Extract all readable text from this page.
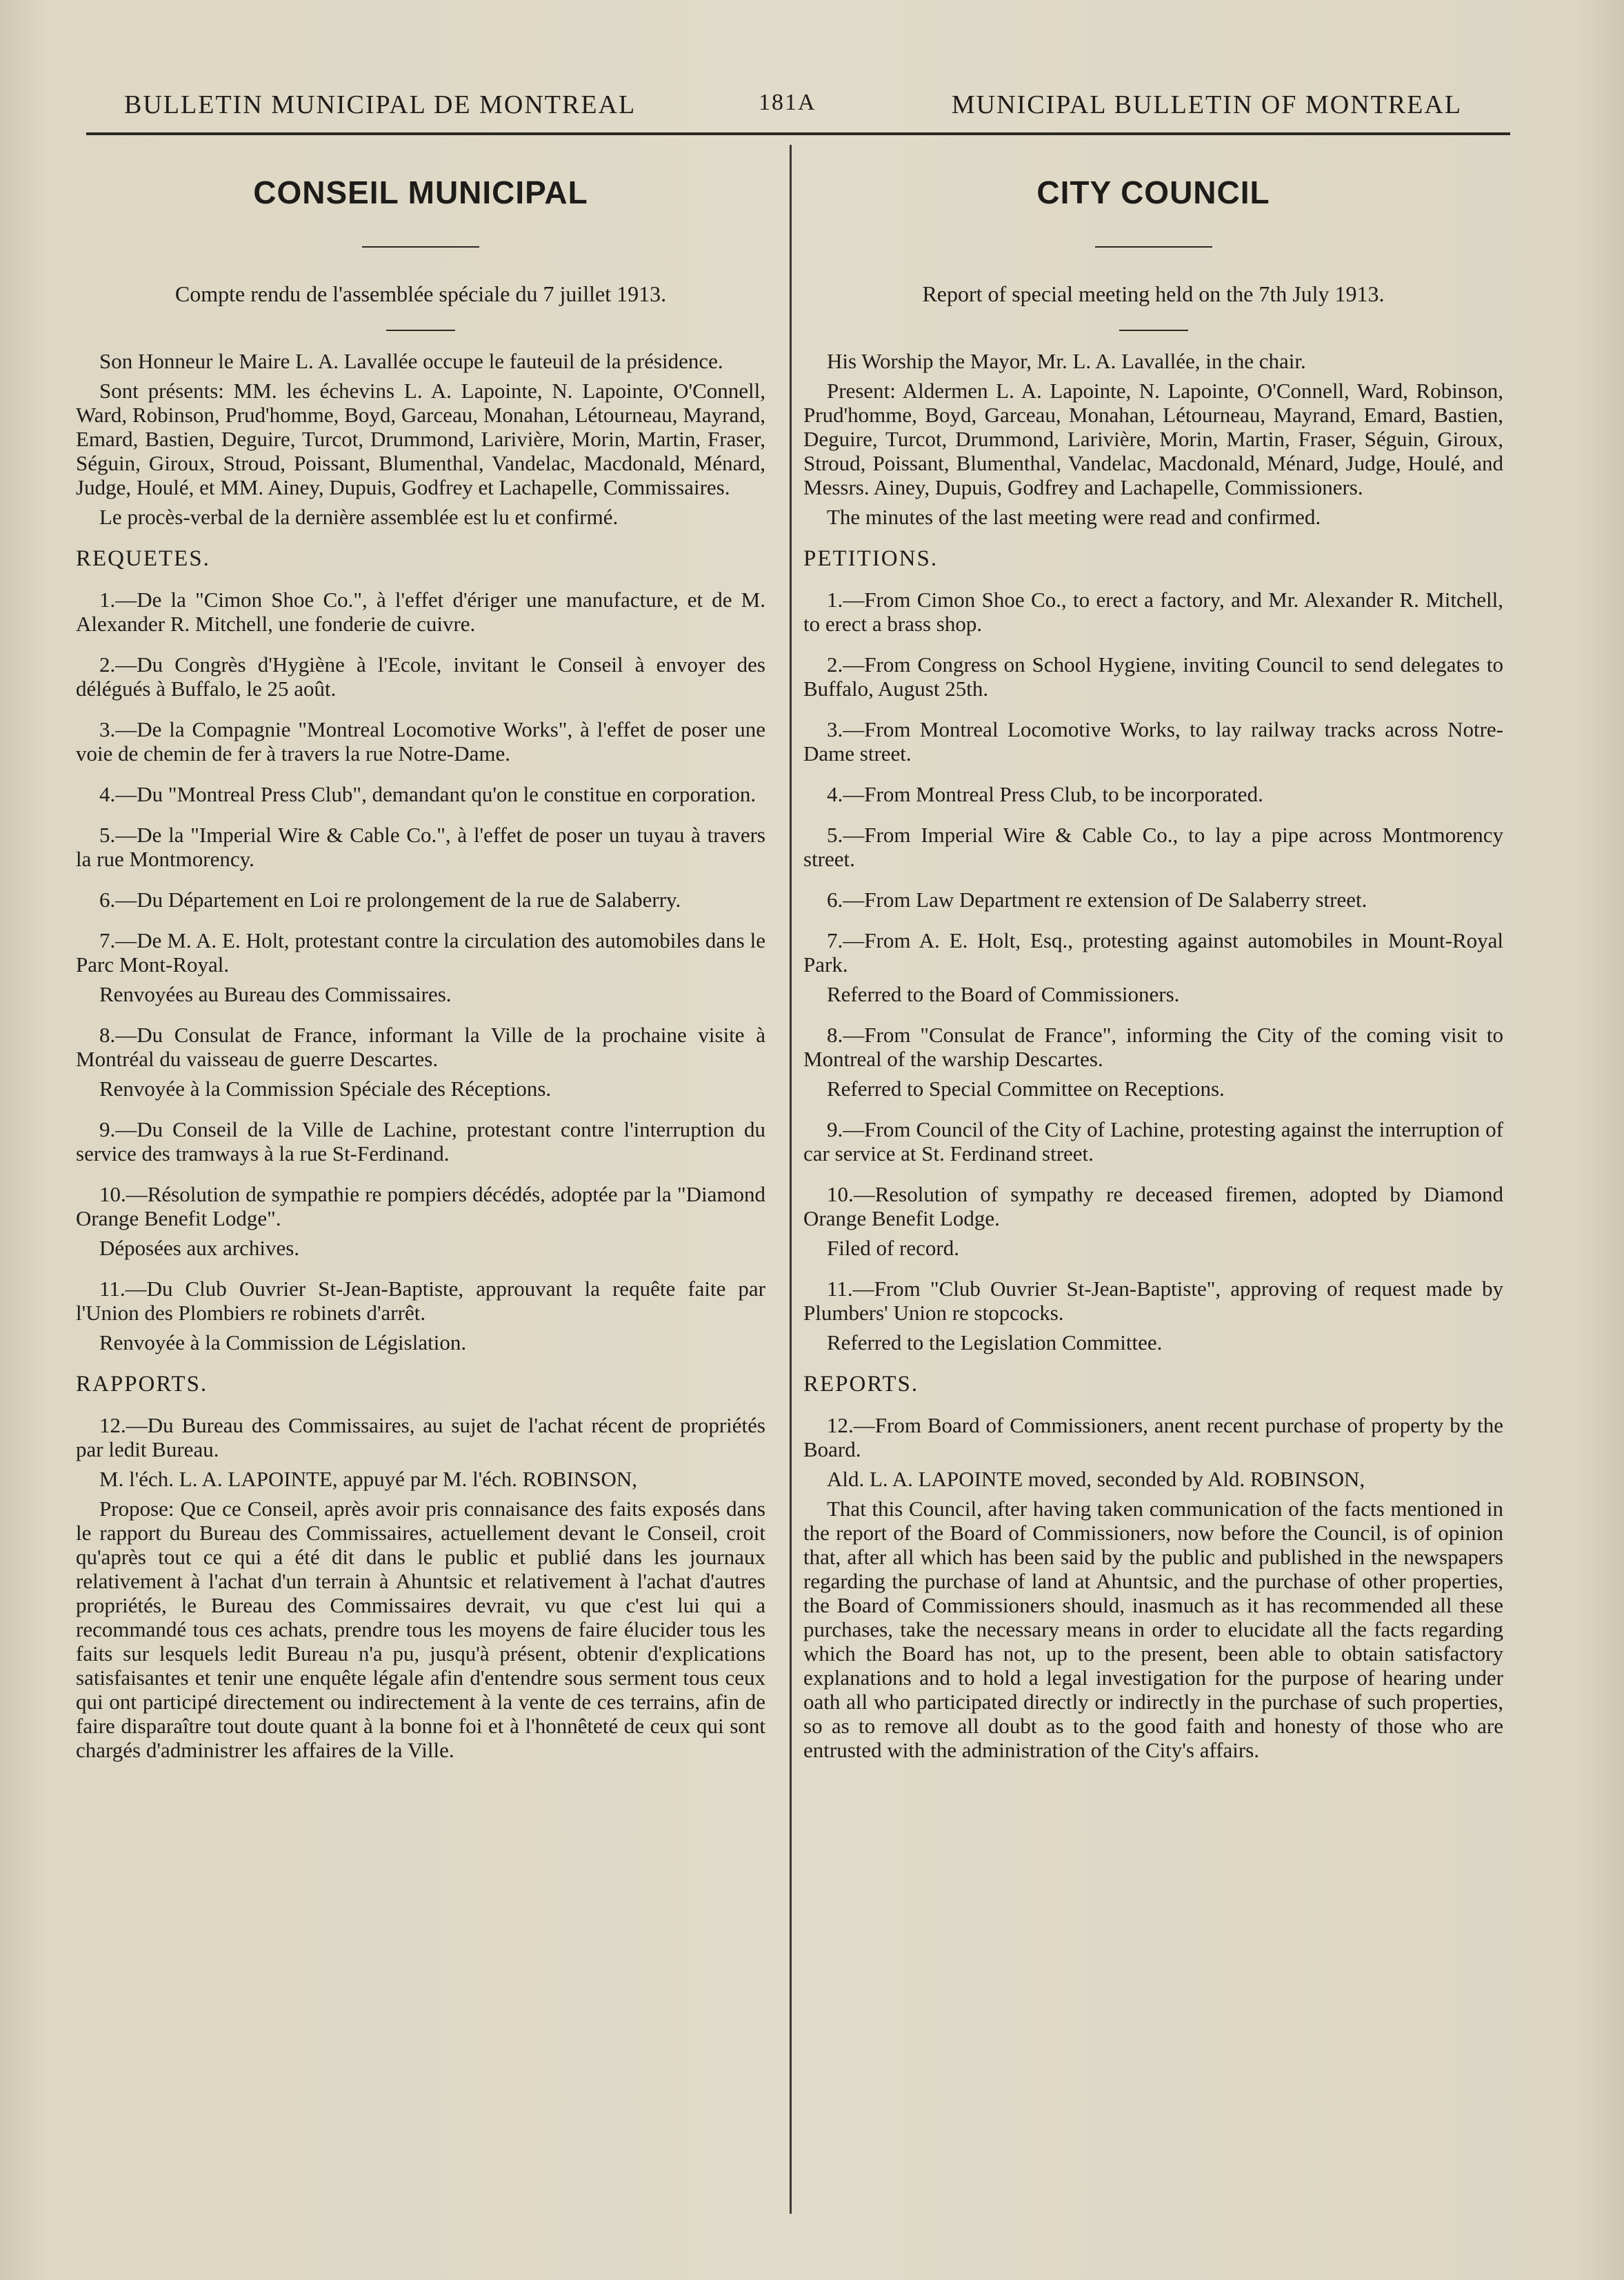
BULLETIN MUNICIPAL DE MONTREAL	181A	MUNICIPAL BULLETIN OF MONTREAL
CONSEIL MUNICIPAL

Compte rendu de l'assemblée spéciale du 7 juillet 1913.

Son Honneur le Maire L. A. Lavallée occupe le fauteuil de la présidence.

Sont présents: MM. les échevins L. A. Lapointe, N. Lapointe, O'Connell, Ward, Robinson, Prud'homme, Boyd, Garceau, Monahan, Létourneau, Mayrand, Emard, Bastien, Deguire, Turcot, Drummond, Larivière, Morin, Martin, Fraser, Séguin, Giroux, Stroud, Poissant, Blumenthal, Vandelac, Macdonald, Ménard, Judge, Houlé, et MM. Ainey, Dupuis, Godfrey et Lachapelle, Commissaires.

Le procès-verbal de la dernière assemblée est lu et confirmé.

REQUETES.

1.—De la "Cimon Shoe Co.", à l'effet d'ériger une manufacture, et de M. Alexander R. Mitchell, une fonderie de cuivre.

2.—Du Congrès d'Hygiène à l'Ecole, invitant le Conseil à envoyer des délégués à Buffalo, le 25 août.

3.—De la Compagnie "Montreal Locomotive Works", à l'effet de poser une voie de chemin de fer à travers la rue Notre-Dame.

4.—Du "Montreal Press Club", demandant qu'on le constitue en corporation.

5.—De la "Imperial Wire & Cable Co.", à l'effet de poser un tuyau à travers la rue Montmorency.

6.—Du Département en Loi re prolongement de la rue de Salaberry.

7.—De M. A. E. Holt, protestant contre la circulation des automobiles dans le Parc Mont-Royal.

Renvoyées au Bureau des Commissaires.

8.—Du Consulat de France, informant la Ville de la prochaine visite à Montréal du vaisseau de guerre Descartes.

Renvoyée à la Commission Spéciale des Réceptions.

9.—Du Conseil de la Ville de Lachine, protestant contre l'interruption du service des tramways à la rue St-Ferdinand.

10.—Résolution de sympathie re pompiers décédés, adoptée par la "Diamond Orange Benefit Lodge".

Déposées aux archives.

11.—Du Club Ouvrier St-Jean-Baptiste, approuvant la requête faite par l'Union des Plombiers re robinets d'arrêt.

Renvoyée à la Commission de Législation.

RAPPORTS.

12.—Du Bureau des Commissaires, au sujet de l'achat récent de propriétés par ledit Bureau.

M. l'éch. L. A. LAPOINTE, appuyé par M. l'éch. ROBINSON,

Propose: Que ce Conseil, après avoir pris connaisance des faits exposés dans le rapport du Bureau des Commissaires, actuellement devant le Conseil, croit qu'après tout ce qui a été dit dans le public et publié dans les journaux relativement à l'achat d'un terrain à Ahuntsic et relativement à l'achat d'autres propriétés, le Bureau des Commissaires devrait, vu que c'est lui qui a recommandé tous ces achats, prendre tous les moyens de faire élucider tous les faits sur lesquels ledit Bureau n'a pu, jusqu'à présent, obtenir d'explications satisfaisantes et tenir une enquête légale afin d'entendre sous serment tous ceux qui ont participé directement ou indirectement à la vente de ces terrains, afin de faire disparaître tout doute quant à la bonne foi et à l'honnêteté de ceux qui sont chargés d'administrer les affaires de la Ville.

CITY COUNCIL

Report of special meeting held on the 7th July 1913.

His Worship the Mayor, Mr. L. A. Lavallée, in the chair.

Present: Aldermen L. A. Lapointe, N. Lapointe, O'Connell, Ward, Robinson, Prud'homme, Boyd, Garceau, Monahan, Létourneau, Mayrand, Emard, Bastien, Deguire, Turcot, Drummond, Larivière, Morin, Martin, Fraser, Séguin, Giroux, Stroud, Poissant, Blumenthal, Vandelac, Macdonald, Ménard, Judge, Houlé, and Messrs. Ainey, Dupuis, Godfrey and Lachapelle, Commissioners.

The minutes of the last meeting were read and confirmed.

PETITIONS.

1.—From Cimon Shoe Co., to erect a factory, and Mr. Alexander R. Mitchell, to erect a brass shop.

2.—From Congress on School Hygiene, inviting Council to send delegates to Buffalo, August 25th.

3.—From Montreal Locomotive Works, to lay railway tracks across Notre-Dame street.

4.—From Montreal Press Club, to be incorporated.

5.—From Imperial Wire & Cable Co., to lay a pipe across Montmorency street.

6.—From Law Department re extension of De Salaberry street.

7.—From A. E. Holt, Esq., protesting against automobiles in Mount-Royal Park.

Referred to the Board of Commissioners.

8.—From "Consulat de France", informing the City of the coming visit to Montreal of the warship Descartes.

Referred to Special Committee on Receptions.

9.—From Council of the City of Lachine, protesting against the interruption of car service at St. Ferdinand street.

10.—Resolution of sympathy re deceased firemen, adopted by Diamond Orange Benefit Lodge.

Filed of record.

11.—From "Club Ouvrier St-Jean-Baptiste", approving of request made by Plumbers' Union re stopcocks.

Referred to the Legislation Committee.

REPORTS.

12.—From Board of Commissioners, anent recent purchase of property by the Board.

Ald. L. A. LAPOINTE moved, seconded by Ald. ROBINSON,

That this Council, after having taken communication of the facts mentioned in the report of the Board of Commissioners, now before the Council, is of opinion that, after all which has been said by the public and published in the newspapers regarding the purchase of land at Ahuntsic, and the purchase of other properties, the Board of Commissioners should, inasmuch as it has recommended all these purchases, take the necessary means in order to elucidate all the facts regarding which the Board has not, up to the present, been able to obtain satisfactory explanations and to hold a legal investigation for the purpose of hearing under oath all who participated directly or indirectly in the purchase of such properties, so as to remove all doubt as to the good faith and honesty of those who are entrusted with the administration of the City's affairs.
